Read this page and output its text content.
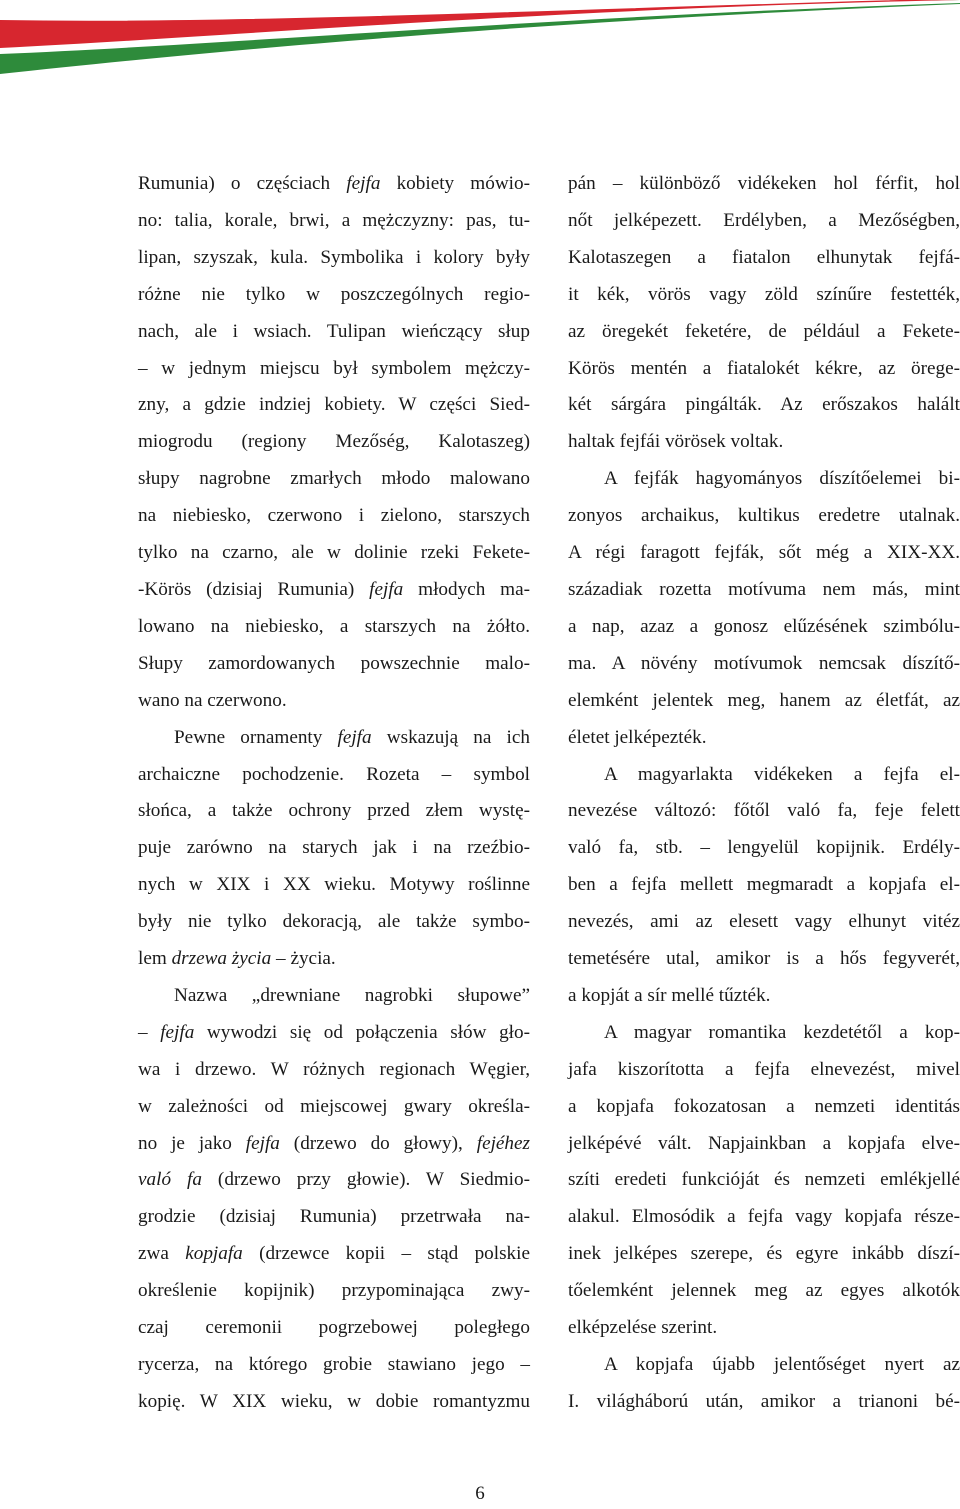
Rumunia) o częściach fejfa kobiety mówio-
no: talia, korale, brwi, a mężczyzny: pas, tu-
lipan, szyszak, kula. Symbolika i kolory były
różne nie tylko w poszczególnych regio-
nach, ale i wsiach. Tulipan wieńczący słup
– w jednym miejscu był symbolem mężczy-
zny, a gdzie indziej kobiety. W części Sied-
miogrodu (regiony Mezőség, Kalotaszeg)
słupy nagrobne zmarłych młodo malowano
na niebiesko, czerwono i zielono, starszych
tylko na czarno, ale w dolinie rzeki Fekete-
-Körös (dzisiaj Rumunia) fejfa młodych ma-
lowano na niebiesko, a starszych na żółto.
Słupy zamordowanych powszechnie malo-
wano na czerwono.
Pewne ornamenty fejfa wskazują na ich
archaiczne pochodzenie. Rozeta – symbol
słońca, a także ochrony przed złem wystę-
puje zarówno na starych jak i na rzeźbio-
nych w XIX i XX wieku. Motywy roślinne
były nie tylko dekoracją, ale także symbo-
lem drzewa życia – życia.
Nazwa „drewniane nagrobki słupowe”
– fejfa wywodzi się od połączenia słów gło-
wa i drzewo. W różnych regionach Węgier,
w zależności od miejscowej gwary określa-
no je jako fejfa (drzewo do głowy), fejéhez
való fa (drzewo przy głowie). W Siedmio-
grodzie (dzisiaj Rumunia) przetrwała na-
zwa kopjafa (drzewce kopii – stąd polskie
określenie kopijnik) przypominająca zwy-
czaj ceremonii pogrzebowej poległego
rycerza, na którego grobie stawiano jego –
kopię. W XIX wieku, w dobie romantyzmu
pán – különböző vidékeken hol férfit, hol
nőt jelképezett. Erdélyben, a Mezőségben,
Kalotaszegen a fiatalon elhunytak fejfá-
it kék, vörös vagy zöld színűre festették,
az öregekét feketére, de például a Fekete-
Körös mentén a fiatalokét kékre, az örege-
két sárgára pingálták. Az erőszakos halált
haltak fejfái vörösek voltak.
A fejfák hagyományos díszítőelemei bi-
zonyos archaikus, kultikus eredetre utalnak.
A régi faragott fejfák, sőt még a XIX-XX.
századiak rozetta motívuma nem más, mint
a nap, azaz a gonosz elűzésének szimbólu-
ma. A növény motívumok nemcsak díszítő-
elemként jelentek meg, hanem az életfát, az
életet jelképezték.
A magyarlakta vidékeken a fejfa el-
nevezése változó: főtől való fa, feje felett
való fa, stb. – lengyelül kopijnik. Erdély-
ben a fejfa mellett megmaradt a kopjafa el-
nevezés, ami az elesett vagy elhunyt vitéz
temetésére utal, amikor is a hős fegyverét,
a kopját a sír mellé tűzték.
A magyar romantika kezdetétől a kop-
jafa kiszorította a fejfa elnevezést, mivel
a kopjafa fokozatosan a nemzeti identitás
jelképévé vált. Napjainkban a kopjafa elve-
szíti eredeti funkcióját és nemzeti emlékjellé
alakul. Elmosódik a fejfa vagy kopjafa része-
inek jelképes szerepe, és egyre inkább díszí-
tőelemként jelennek meg az egyes alkotók
elképzelése szerint.
A kopjafa újabb jelentőséget nyert az
I. világháború után, amikor a trianoni bé-
6
